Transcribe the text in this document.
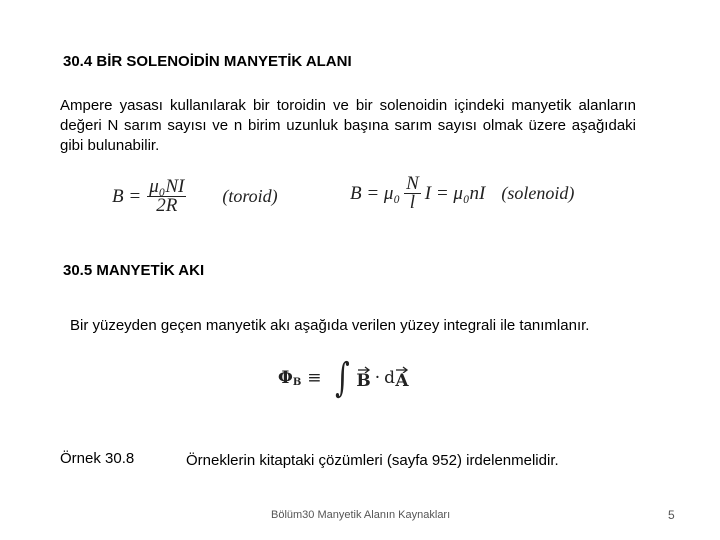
30.4 BİR SOLENOİDİN MANYETİK ALANI
Ampere yasası kullanılarak bir toroidin ve bir solenoidin içindeki manyetik alanların değeri N sarım sayısı ve n birim uzunluk başına sarım sayısı olmak üzere aşağıdaki gibi bulunabilir.
$B = \frac{\text{μ₀NI}}{2R}$ (toroid)	$B = \mu_0 \frac{N}{l}$ I = μ₀nI (solenoid)
30.5 MANYETİK AKI
Bir yüzeyden geçen manyetik akı aşağıda verilen yüzey integrali ile tanımlanır.
Φ B ≡ ∫ B · d A
Örnek 30.8	Örneklerin kitaptaki çözümleri (sayfa 952) irdelenmelidir.
Bölüm30 Manyetik Alanın Kaynakları	5
